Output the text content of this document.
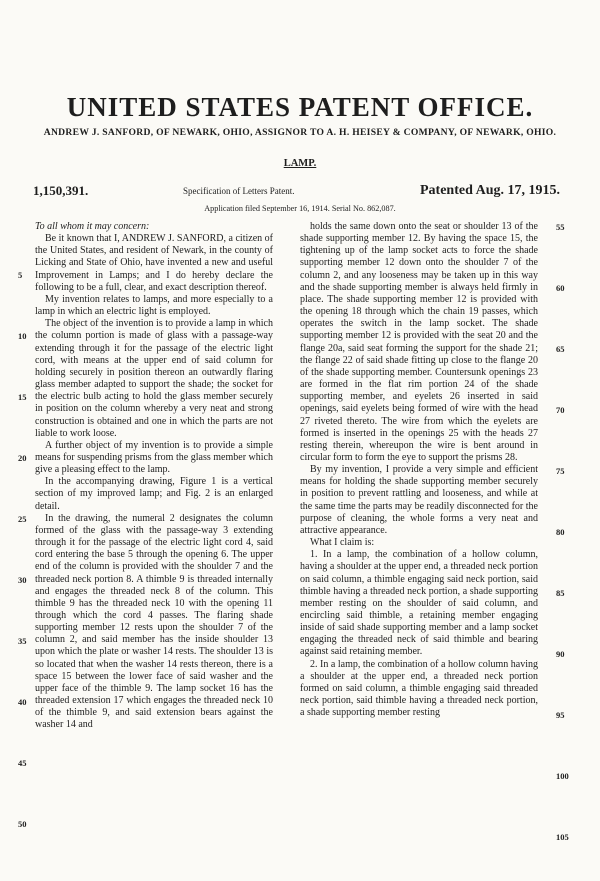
UNITED STATES PATENT OFFICE.
ANDREW J. SANFORD, OF NEWARK, OHIO, ASSIGNOR TO A. H. HEISEY & COMPANY, OF NEWARK, OHIO.
LAMP.
1,150,391.	Specification of Letters Patent.	Patented Aug. 17, 1915.
Application filed September 16, 1914. Serial No. 862,087.

To all whom it may concern:

Be it known that I, ANDREW J. SANFORD, a citizen of the United States, and resident of Newark, in the county of Licking and State of Ohio, have invented a new and useful Improvement in Lamps; and I do hereby declare the following to be a full, clear, and exact description thereof.

My invention relates to lamps, and more especially to a lamp in which an electric light is employed.

The object of the invention is to provide a lamp in which the column portion is made of glass with a passage-way extending through it for the passage of the electric light cord, with means at the upper end of said column for holding securely in position thereon an outwardly flaring glass member adapted to support the shade; the socket for the electric bulb acting to hold the glass member securely in position on the column whereby a very neat and strong construction is obtained and one in which the parts are not liable to work loose.

A further object of my invention is to provide a simple means for suspending prisms from the glass member which give a pleasing effect to the lamp.

In the accompanying drawing, Figure 1 is a vertical section of my improved lamp; and Fig. 2 is an enlarged detail.

In the drawing, the numeral 2 designates the column formed of the glass with the passage-way 3 extending through it for the passage of the electric light cord 4, said cord entering the base 5 through the opening 6. The upper end of the column is provided with the shoulder 7 and the threaded neck portion 8. A thimble 9 is threaded internally and engages the threaded neck 8 of the column. This thimble 9 has the threaded neck 10 with the opening 11 through which the cord 4 passes. The flaring shade supporting member 12 rests upon the shoulder 7 of the column 2, and said member has the inside shoulder 13 upon which the plate or washer 14 rests. The shoulder 13 is so located that when the washer 14 rests thereon, there is a space 15 between the lower face of said washer and the upper face of the thimble 9. The lamp socket 16 has the threaded extension 17 which engages the threaded neck 10 of the thimble 9, and said extension bears against the washer 14 and

holds the same down onto the seat or shoulder 13 of the shade supporting member 12. By having the space 15, the tightening up of the lamp socket acts to force the shade supporting member 12 down onto the shoulder 7 of the column 2, and any looseness may be taken up in this way and the shade supporting member is always held firmly in place. The shade supporting member 12 is provided with the opening 18 through which the chain 19 passes, which operates the switch in the lamp socket. The shade supporting member 12 is provided with the seat 20 and the flange 20a, said seat forming the support for the shade 21; the flange 22 of said shade fitting up close to the flange 20 of the shade supporting member. Countersunk openings 23 are formed in the flat rim portion 24 of the shade supporting member, and eyelets 26 inserted in said openings, said eyelets being formed of wire with the head 27 riveted thereto. The wire from which the eyelets are formed is inserted in the openings 25 with the heads 27 resting therein, whereupon the wire is bent around in circular form to form the eye to support the prisms 28.

By my invention, I provide a very simple and efficient means for holding the shade supporting member securely in position to prevent rattling and looseness, and while at the same time the parts may be readily disconnected for the purpose of cleaning, the whole forms a very neat and attractive appearance.

What I claim is:

1. In a lamp, the combination of a hollow column, having a shoulder at the upper end, a threaded neck portion on said column, a thimble engaging said neck portion, said thimble having a threaded neck portion, a shade supporting member resting on the shoulder of said column, and encircling said thimble, a retaining member engaging inside of said shade supporting member and a lamp socket engaging the threaded neck of said thimble and bearing against said retaining member.

2. In a lamp, the combination of a hollow column having a shoulder at the upper end, a threaded neck portion formed on said column, a thimble engaging said threaded neck portion, said thimble having a threaded neck portion, a shade supporting member resting

5
10
15
20
25
30
35
40
45
50
55
60
65
70
75
80
85
90
95
100
105
